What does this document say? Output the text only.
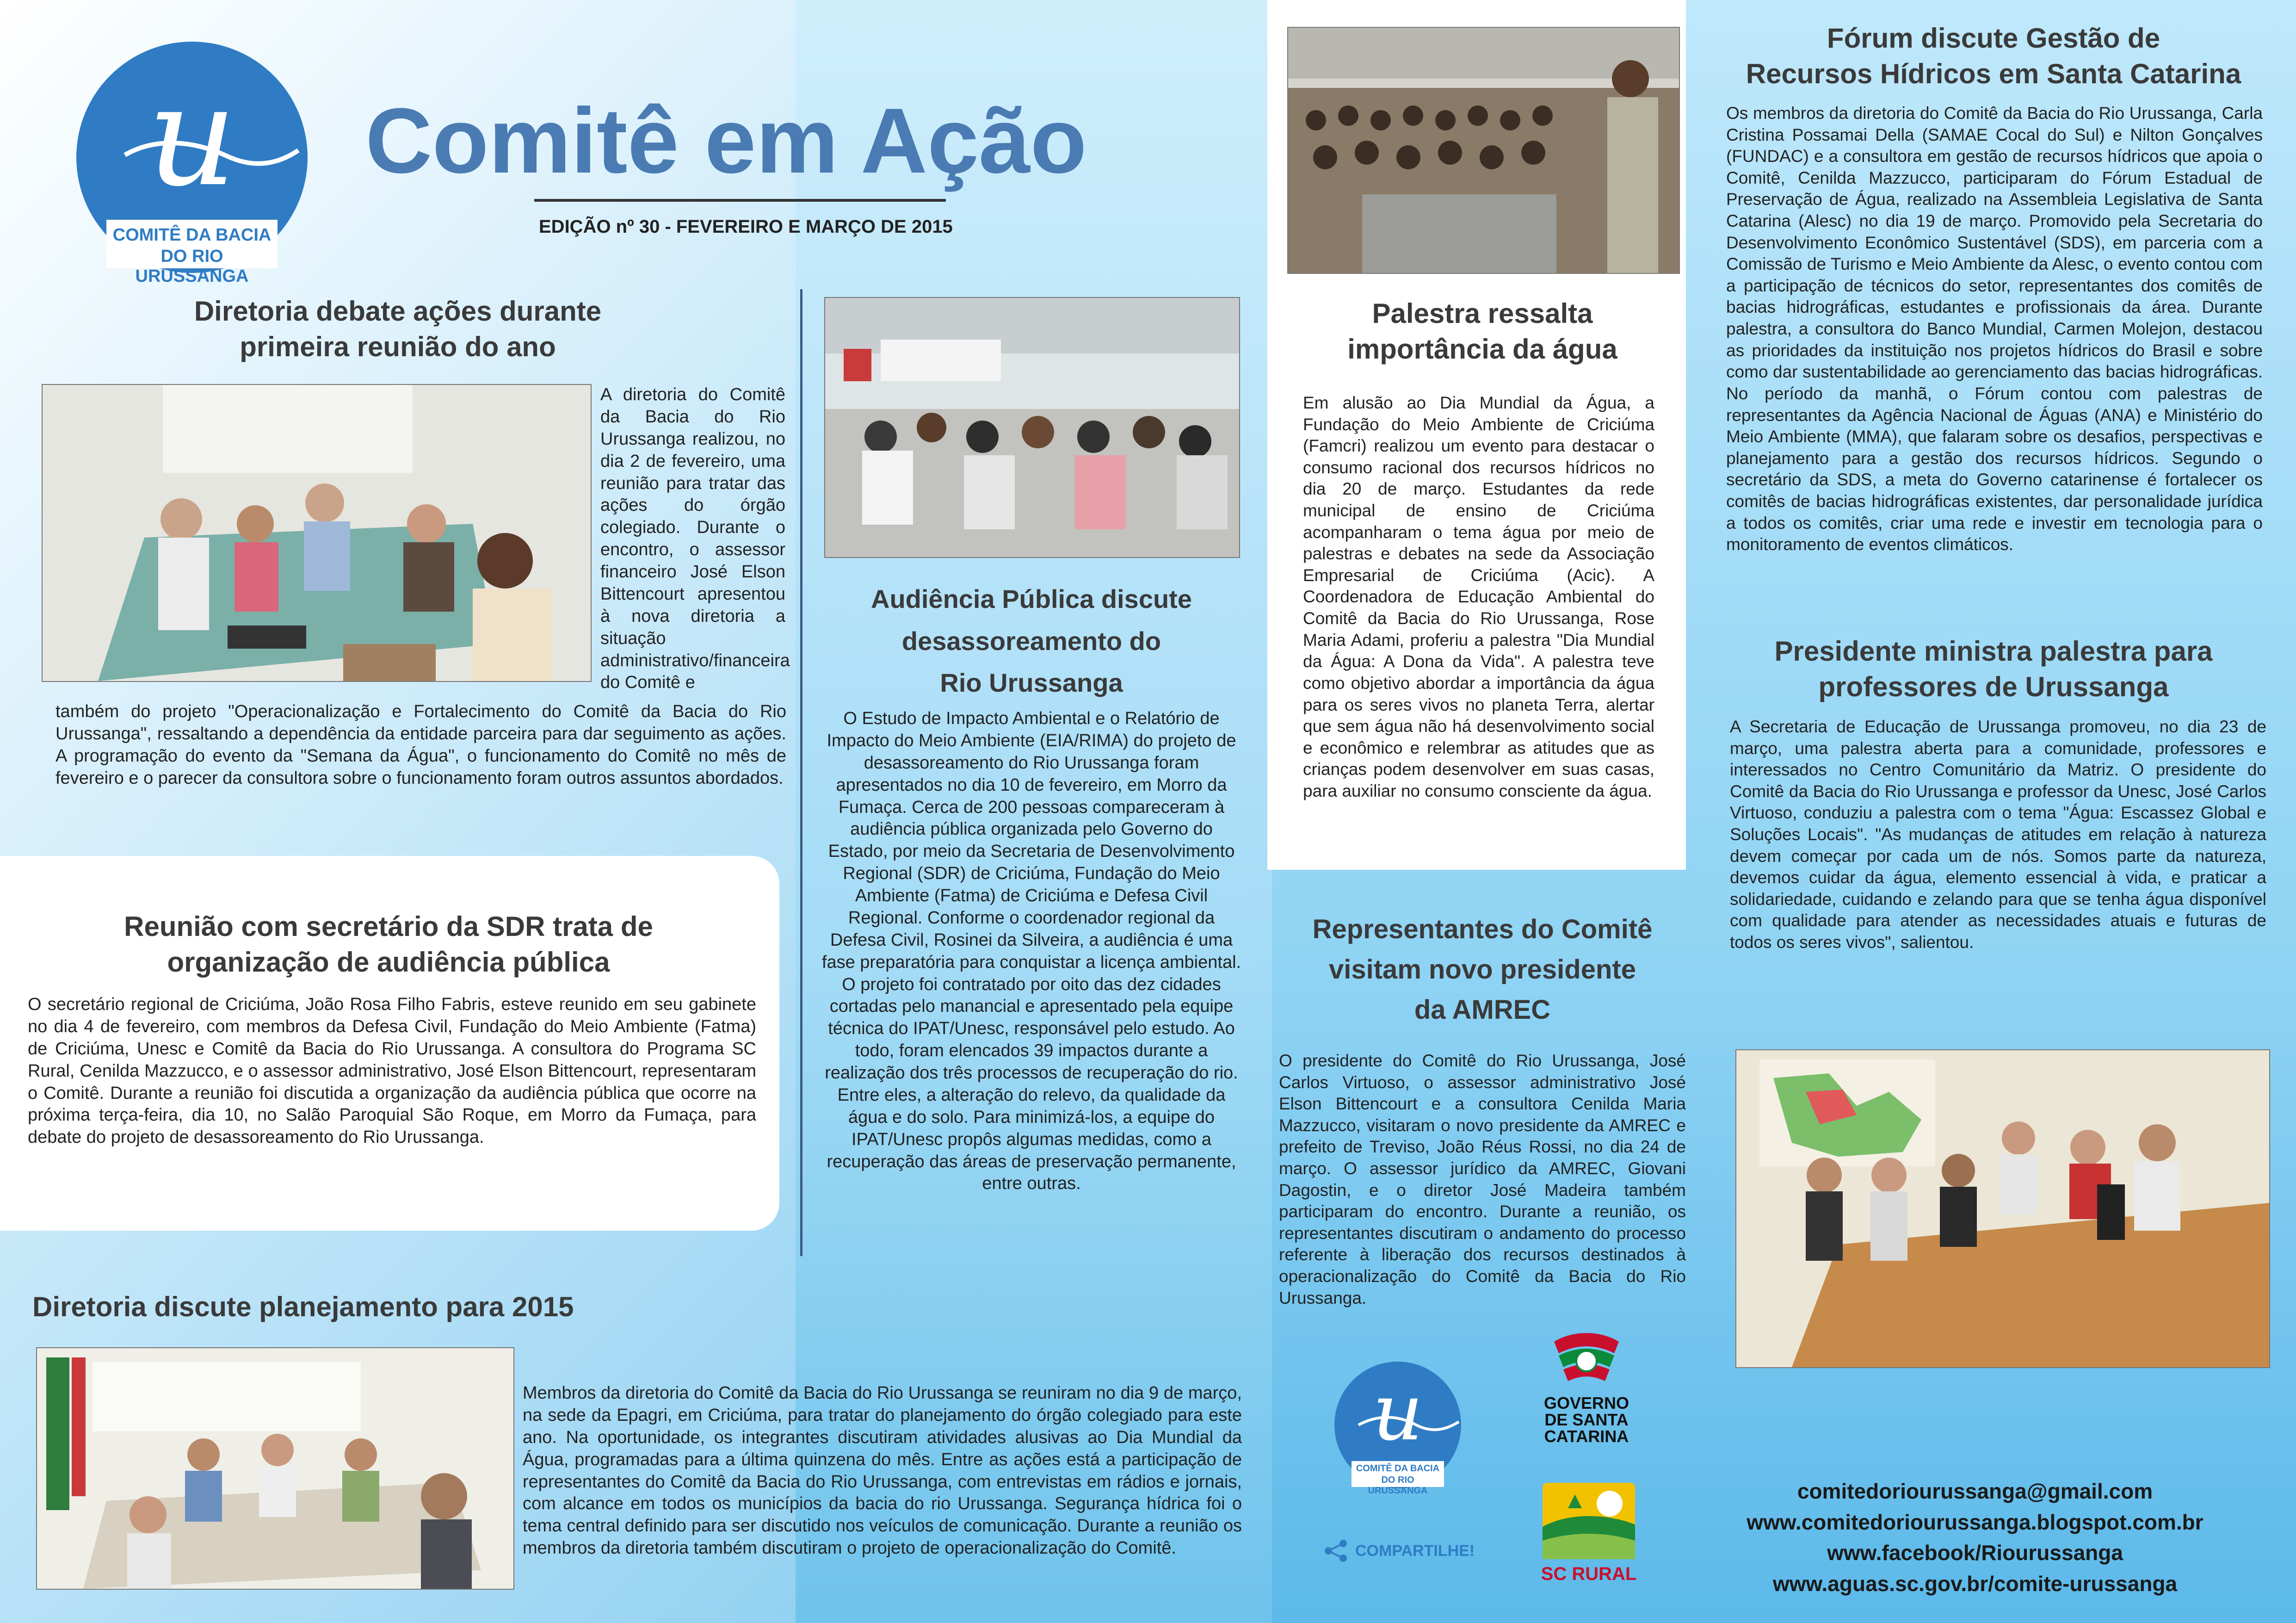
u
COMITÊ DA BACIA
DO RIO URUSSANGA
Comitê em Ação
EDIÇÃO nº 30 - FEVEREIRO E MARÇO DE 2015

Diretoria debate ações durante

primeira reunião do ano

A diretoria do Comitê da Bacia do Rio Urussanga realizou, no dia 2 de fevereiro, uma reunião para tratar das ações do órgão colegiado. Durante o encontro, o assessor financeiro José Elson Bittencourt apresentou à nova diretoria a situação administrativo/financeira do Comitê e

também do projeto "Operacionalização e Fortalecimento do Comitê da Bacia do Rio Urussanga", ressaltando a dependência da entidade parceira para dar seguimento as ações. A programação do evento da "Semana da Água", o funcionamento do Comitê no mês de fevereiro e o parecer da consultora sobre o funcionamento foram outros assuntos abordados.

Reunião com secretário da SDR trata de

organização de audiência pública

O secretário regional de Criciúma, João Rosa Filho Fabris, esteve reunido em seu gabinete no dia 4 de fevereiro, com membros da Defesa Civil, Fundação do Meio Ambiente (Fatma) de Criciúma, Unesc e Comitê da Bacia do Rio Urussanga. A consultora do Programa SC Rural, Cenilda Mazzucco, e o assessor administrativo, José Elson Bittencourt, representaram o Comitê. Durante a reunião foi discutida a organização da audiência pública que ocorre na próxima terça-feira, dia 10, no Salão Paroquial São Roque, em Morro da Fumaça, para debate do projeto de desassoreamento do Rio Urussanga.

Diretoria discute planejamento para 2015

Membros da diretoria do Comitê da Bacia do Rio Urussanga se reuniram no dia 9 de março, na sede da Epagri, em Criciúma, para tratar do planejamento do órgão colegiado para este ano. Na oportunidade, os integrantes discutiram atividades alusivas ao Dia Mundial da Água, programadas para a última quinzena do mês. Entre as ações está a participação de representantes do Comitê da Bacia do Rio Urussanga, com entrevistas em rádios e jornais, com alcance em todos os municípios da bacia do rio Urussanga. Segurança hídrica foi o tema central definido para ser discutido nos veículos de comunicação. Durante a reunião os membros da diretoria também discutiram o projeto de operacionalização do Comitê.

Audiência Pública discute

desassoreamento do

Rio Urussanga

O Estudo de Impacto Ambiental e o Relatório de Impacto do Meio Ambiente (EIA/RIMA) do projeto de desassoreamento do Rio Urussanga foram apresentados no dia 10 de fevereiro, em Morro da Fumaça. Cerca de 200 pessoas compareceram à audiência pública organizada pelo Governo do Estado, por meio da Secretaria de Desenvolvimento Regional (SDR) de Criciúma, Fundação do Meio Ambiente (Fatma) de Criciúma e Defesa Civil Regional. Conforme o coordenador regional da Defesa Civil, Rosinei da Silveira, a audiência é uma fase preparatória para conquistar a licença ambiental.

O projeto foi contratado por oito das dez cidades cortadas pelo manancial e apresentado pela equipe técnica do IPAT/Unesc, responsável pelo estudo. Ao todo, foram elencados 39 impactos durante a realização dos três processos de recuperação do rio. Entre eles, a alteração do relevo, da qualidade da água e do solo. Para minimizá-los, a equipe do IPAT/Unesc propôs algumas medidas, como a recuperação das áreas de preservação permanente, entre outras.

Palestra ressalta

importância da água

Em alusão ao Dia Mundial da Água, a Fundação do Meio Ambiente de Criciúma (Famcri) realizou um evento para destacar o consumo racional dos recursos hídricos no dia 20 de março. Estudantes da rede municipal de ensino de Criciúma acompanharam o tema água por meio de palestras e debates na sede da Associação Empresarial de Criciúma (Acic). A Coordenadora de Educação Ambiental do Comitê da Bacia do Rio Urussanga, Rose Maria Adami, proferiu a palestra "Dia Mundial da Água: A Dona da Vida". A palestra teve como objetivo abordar a importância da água para os seres vivos no planeta Terra, alertar que sem água não há desenvolvimento social e econômico e relembrar as atitudes que as crianças podem desenvolver em suas casas, para auxiliar no consumo consciente da água.

Representantes do Comitê

visitam novo presidente

da AMREC

O presidente do Comitê do Rio Urussanga, José Carlos Virtuoso, o assessor administrativo José Elson Bittencourt e a consultora Cenilda Maria Mazzucco, visitaram o novo presidente da AMREC e prefeito de Treviso, João Réus Rossi, no dia 24 de março. O assessor jurídico da AMREC, Giovani Dagostin, e o diretor José Madeira também participaram do encontro. Durante a reunião, os representantes discutiram o andamento do processo referente à liberação dos recursos destinados à operacionalização do Comitê da Bacia do Rio Urussanga.

Fórum discute Gestão de

Recursos Hídricos em Santa Catarina

Os membros da diretoria do Comitê da Bacia do Rio Urussanga, Carla Cristina Possamai Della (SAMAE Cocal do Sul) e Nilton Gonçalves (FUNDAC) e a consultora em gestão de recursos hídricos que apoia o Comitê, Cenilda Mazzucco, participaram do Fórum Estadual de Preservação de Água, realizado na Assembleia Legislativa de Santa Catarina (Alesc) no dia 19 de março. Promovido pela Secretaria do Desenvolvimento Econômico Sustentável (SDS), em parceria com a Comissão de Turismo e Meio Ambiente da Alesc, o evento contou com a participação de técnicos do setor, representantes dos comitês de bacias hidrográficas, estudantes e profissionais da área. Durante palestra, a consultora do Banco Mundial, Carmen Molejon, destacou as prioridades da instituição nos projetos hídricos do Brasil e sobre como dar sustentabilidade ao gerenciamento das bacias hidrográficas. No período da manhã, o Fórum contou com palestras de representantes da Agência Nacional de Águas (ANA) e Ministério do Meio Ambiente (MMA), que falaram sobre os desafios, perspectivas e planejamento para a gestão dos recursos hídricos. Segundo o secretário da SDS, a meta do Governo catarinense é fortalecer os comitês de bacias hidrográficas existentes, dar personalidade jurídica a todos os comitês, criar uma rede e investir em tecnologia para o monitoramento de eventos climáticos.

Presidente ministra palestra para

professores de Urussanga

A Secretaria de Educação de Urussanga promoveu, no dia 23 de março, uma palestra aberta para a comunidade, professores e interessados no Centro Comunitário da Matriz. O presidente do Comitê da Bacia do Rio Urussanga e professor da Unesc, José Carlos Virtuoso, conduziu a palestra com o tema "Água: Escassez Global e Soluções Locais". "As mudanças de atitudes em relação à natureza devem começar por cada um de nós. Somos parte da natureza, devemos cuidar da água, elemento essencial à vida, e praticar a solidariedade, cuidando e zelando para que se tenha água disponível com qualidade para atender as necessidades atuais e futuras de todos os seres vivos", salientou.

u
COMITÊ DA BACIA
DO RIO URUSSANGA
COMPARTILHE!
GOVERNO
DE SANTA
CATARINA
SC RURAL
comitedoriourussanga@gmail.com
www.comitedoriourussanga.blogspot.com.br
www.facebook/Riourussanga
www.aguas.sc.gov.br/comite-urussanga
